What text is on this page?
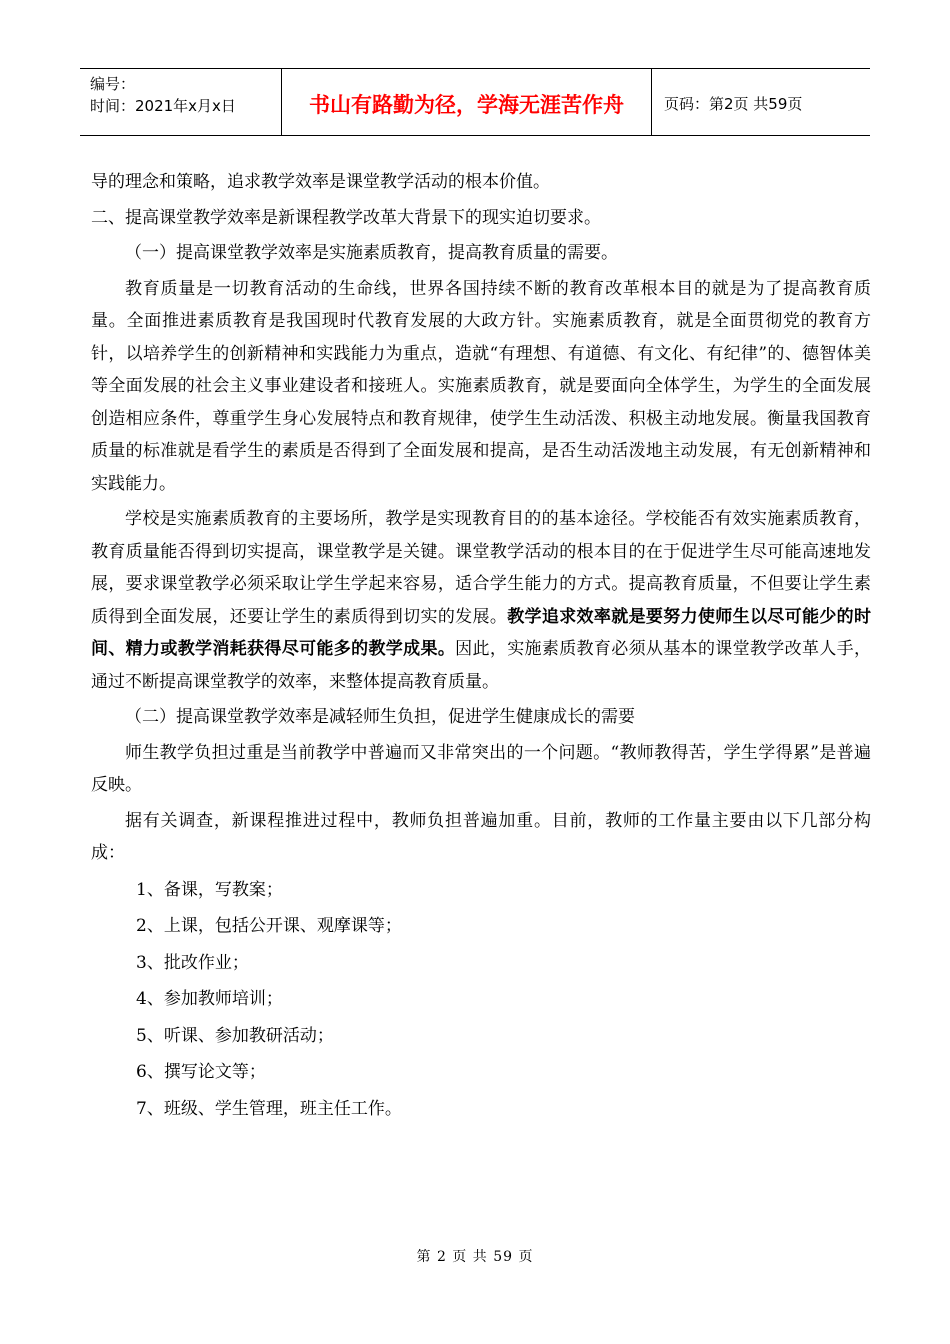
编号：
时间：2021年x月x日	书山有路勤为径，学海无涯苦作舟	页码：第2页 共59页

导的理念和策略，追求教学效率是课堂教学活动的根本价值。

二、提高课堂教学效率是新课程教学改革大背景下的现实迫切要求。

（一）提高课堂教学效率是实施素质教育，提高教育质量的需要。

教育质量是一切教育活动的生命线，世界各国持续不断的教育改革根本目的就是为了提高教育质量。全面推进素质教育是我国现时代教育发展的大政方针。实施素质教育，就是全面贯彻党的教育方针，以培养学生的创新精神和实践能力为重点，造就“有理想、有道德、有文化、有纪律”的、德智体美等全面发展的社会主义事业建设者和接班人。实施素质教育，就是要面向全体学生，为学生的全面发展创造相应条件，尊重学生身心发展特点和教育规律，使学生生动活泼、积极主动地发展。衡量我国教育质量的标准就是看学生的素质是否得到了全面发展和提高，是否生动活泼地主动发展，有无创新精神和实践能力。

学校是实施素质教育的主要场所，教学是实现教育目的的基本途径。学校能否有效实施素质教育，教育质量能否得到切实提高，课堂教学是关键。课堂教学活动的根本目的在于促进学生尽可能高速地发展，要求课堂教学必须采取让学生学起来容易，适合学生能力的方式。提高教育质量，不但要让学生素质得到全面发展，还要让学生的素质得到切实的发展。教学追求效率就是要努力使师生以尽可能少的时间、精力或教学消耗获得尽可能多的教学成果。因此，实施素质教育必须从基本的课堂教学改革人手，通过不断提高课堂教学的效率，来整体提高教育质量。

（二）提高课堂教学效率是减轻师生负担，促进学生健康成长的需要

师生教学负担过重是当前教学中普遍而又非常突出的一个问题。“教师教得苦，学生学得累”是普遍反映。

据有关调查，新课程推进过程中，教师负担普遍加重。目前，教师的工作量主要由以下几部分构成：

1、备课，写教案；

2、上课，包括公开课、观摩课等；

3、批改作业；

4、参加教师培训；

5、听课、参加教研活动；

6、撰写论文等；

7、班级、学生管理，班主任工作。

第 2 页 共 59 页
